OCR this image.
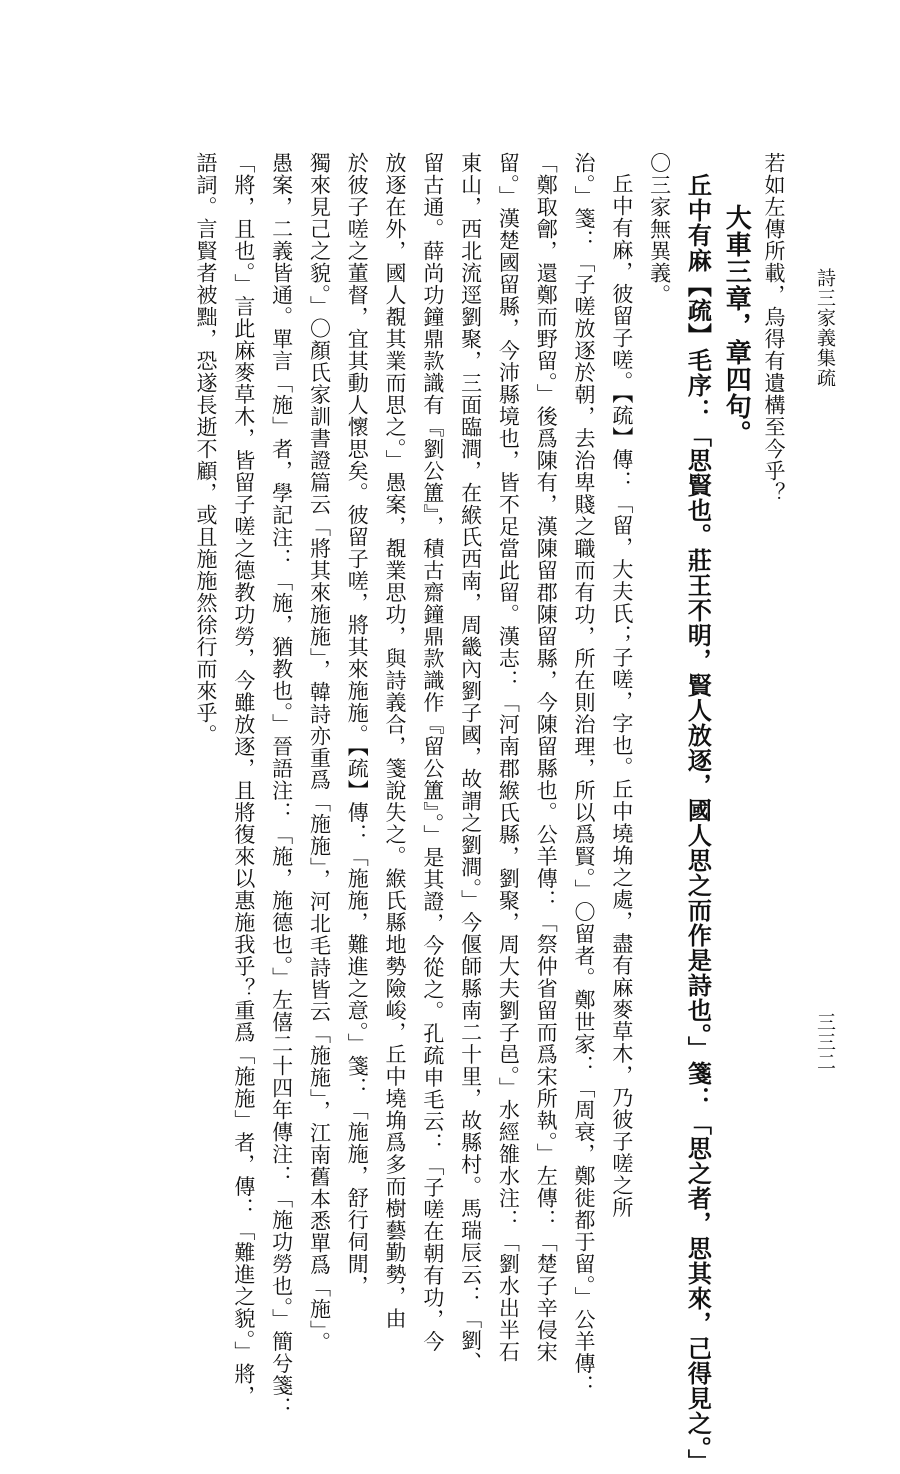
詩三家義集疏
三三二
若如左傳所載，烏得有遺構至今乎？
大車三章，章四句。
丘中有麻【疏】毛序：「思賢也。莊王不明，賢人放逐，國人思之而作是詩也。」箋：「思之者，思其來，己得見之。」
〇三家無異義。
丘中有麻，彼留子嗟。【疏】傳：「留，大夫氏；子嗟，字也。丘中墝埆之處，盡有麻麥草木，乃彼子嗟之所
治。」箋：「子嗟放逐於朝，去治卑賤之職而有功，所在則治理，所以爲賢。」〇留者。鄭世家：「周衰，鄭徙都于留。」公羊傳：
「鄭取鄶，還鄭而野留。」後爲陳有，漢陳留郡陳留縣，今陳留縣也。公羊傳：「祭仲省留而爲宋所執。」左傳：「楚子辛侵宋
留。」漢楚國留縣，今沛縣境也，皆不足當此留。漢志：「河南郡緱氏縣，劉聚，周大夫劉子邑。」水經雒水注：「劉水出半石
東山，西北流逕劉聚，三面臨澗，在緱氏西南，周畿內劉子國，故謂之劉澗。」今偃師縣南二十里，故縣村。馬瑞辰云：「劉、
留古通。薛尚功鐘鼎款識有『劉公簠』，積古齋鐘鼎款識作『留公簠』。」是其證，今從之。孔疏申毛云：「子嗟在朝有功，今
放逐在外，國人覩其業而思之。」愚案，覩業思功，與詩義合，箋說失之。緱氏縣地勢險峻，丘中墝埆爲多而樹藝勤勢，由
於彼子嗟之董督，宜其動人懷思矣。彼留子嗟，將其來施施。【疏】傳：「施施，難進之意。」箋：「施施，舒行伺閒，
獨來見己之貌。」〇顏氏家訓書證篇云「將其來施施」，韓詩亦重爲「施施」，河北毛詩皆云「施施」，江南舊本悉單爲「施」。
愚案，二義皆通。單言「施」者，學記注：「施，猶教也。」晉語注：「施，施德也。」左僖二十四年傳注：「施功勞也。」簡兮箋：
「將，且也。」言此麻麥草木，皆留子嗟之德教功勞，今雖放逐，且將復來以惠施我乎？重爲「施施」者，傳：「難進之貌。」將，
語詞。言賢者被黜，恐遂長逝不顧，或且施施然徐行而來乎。
